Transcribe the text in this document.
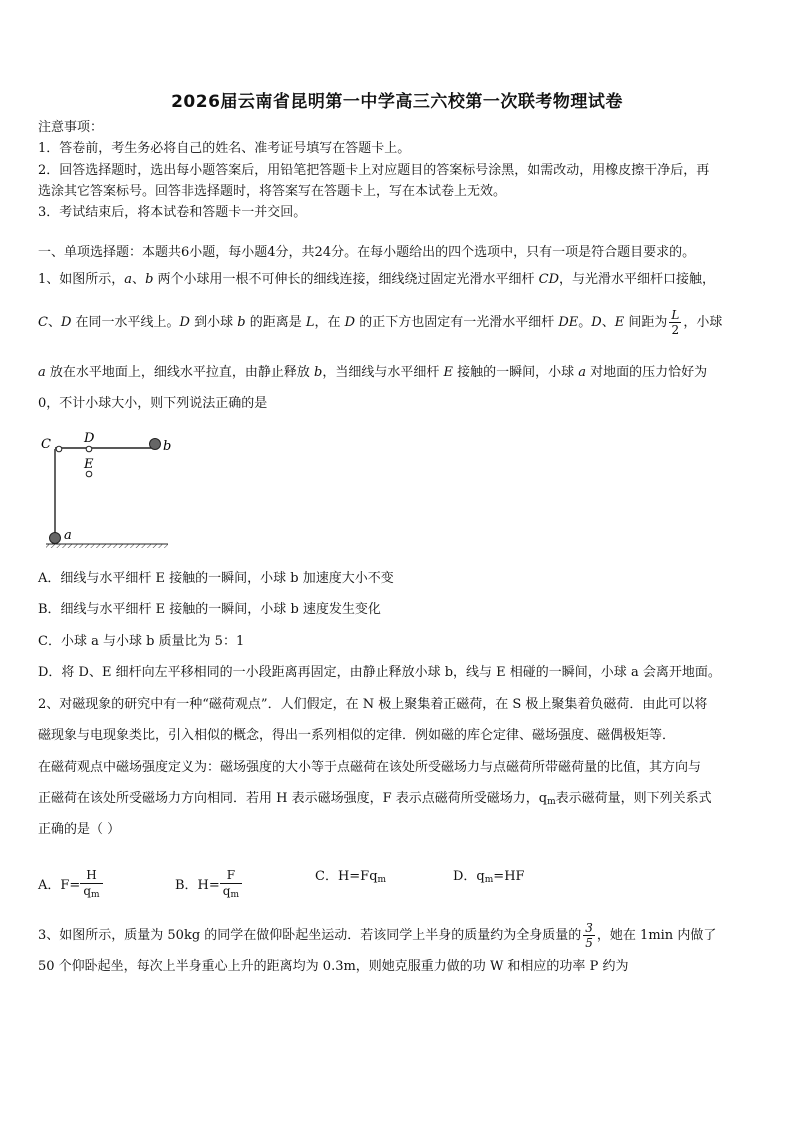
2026届云南省昆明第一中学高三六校第一次联考物理试卷
注意事项：
1．答卷前，考生务必将自己的姓名、准考证号填写在答题卡上。
2．回答选择题时，选出每小题答案后，用铅笔把答题卡上对应题目的答案标号涂黑，如需改动，用橡皮擦干净后，再
选涂其它答案标号。回答非选择题时，将答案写在答题卡上，写在本试卷上无效。
3．考试结束后，将本试卷和答题卡一并交回。
一、单项选择题：本题共6小题，每小题4分，共24分。在每小题给出的四个选项中，只有一项是符合题目要求的。
1、如图所示，a、b 两个小球用一根不可伸长的细线连接，细线绕过固定光滑水平细杆 CD，与光滑水平细杆口接触，
C、D 在同一水平线上。D 到小球 b 的距离是 L，在 D 的正下方也固定有一光滑水平细杆 DE。D、E 间距为 $\frac{L}{2}$ ，小球
a 放在水平地面上，细线水平拉直，由静止释放 b，当细线与水平细杆 E 接触的一瞬间，小球 a 对地面的压力恰好为
0，不计小球大小，则下列说法正确的是
C	D
E
b
a
A．细线与水平细杆 E 接触的一瞬间，小球 b 加速度大小不变
B．细线与水平细杆 E 接触的一瞬间，小球 b 速度发生变化
C．小球 a 与小球 b 质量比为 5：1
D．将 D、E 细杆向左平移相同的一小段距离再固定，由静止释放小球 b，线与 E 相碰的一瞬间，小球 a 会离开地面。
2、对磁现象的研究中有一种“磁荷观点”．人们假定，在 N 极上聚集着正磁荷，在 S 极上聚集着负磁荷．由此可以将
磁现象与电现象类比，引入相似的概念，得出一系列相似的定律．例如磁的库仑定律、磁场强度、磁偶极矩等．
在磁荷观点中磁场强度定义为：磁场强度的大小等于点磁荷在该处所受磁场力与点磁荷所带磁荷量的比值，其方向与
正磁荷在该处所受磁场力方向相同．若用 H 表示磁场强度，F 表示点磁荷所受磁场力，$q_m$表示磁荷量，则下列关系式
正确的是（ ）
A．$F= \frac{H}{q_m}$	B．$H= \frac{F}{q_m}$	C．$H=Fq_m$	D．$q_m=HF$
3、如图所示，质量为 50kg 的同学在做仰卧起坐运动．若该同学上半身的质量约为全身质量的 $\frac{3}{5}$ ，她在 1min 内做了
50 个仰卧起坐，每次上半身重心上升的距离均为 0.3m，则她克服重力做的功 W 和相应的功率 P 约为
